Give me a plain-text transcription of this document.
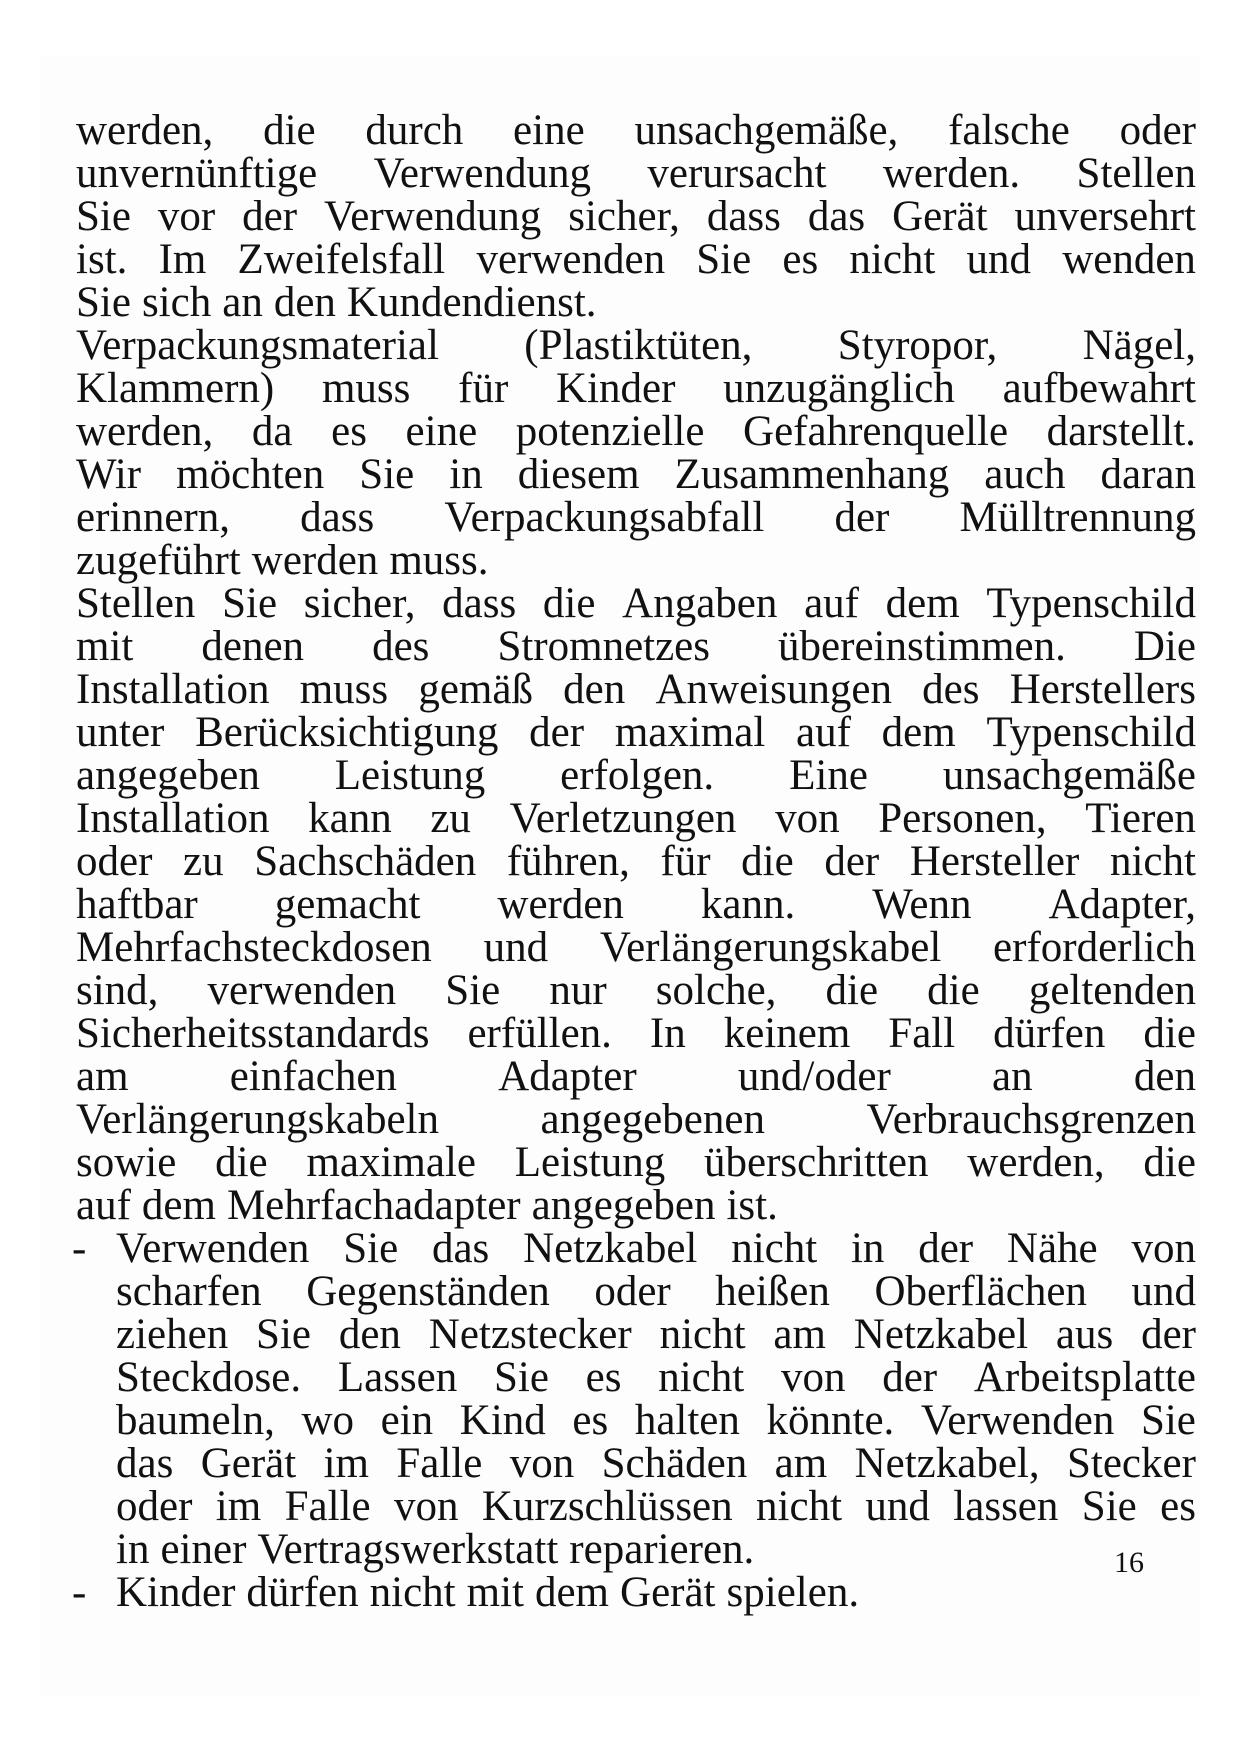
werden, die durch eine unsachgemäße, falsche oder
unvernünftige Verwendung verursacht werden. Stellen
Sie vor der Verwendung sicher, dass das Gerät unversehrt
ist. Im Zweifelsfall verwenden Sie es nicht und wenden
Sie sich an den Kundendienst.
Verpackungsmaterial (Plastiktüten, Styropor, Nägel,
Klammern) muss für Kinder unzugänglich aufbewahrt
werden, da es eine potenzielle Gefahrenquelle darstellt.
Wir möchten Sie in diesem Zusammenhang auch daran
erinnern, dass Verpackungsabfall der Mülltrennung
zugeführt werden muss.
Stellen Sie sicher, dass die Angaben auf dem Typenschild
mit denen des Stromnetzes übereinstimmen. Die
Installation muss gemäß den Anweisungen des Herstellers
unter Berücksichtigung der maximal auf dem Typenschild
angegeben Leistung erfolgen. Eine unsachgemäße
Installation kann zu Verletzungen von Personen, Tieren
oder zu Sachschäden führen, für die der Hersteller nicht
haftbar gemacht werden kann. Wenn Adapter,
Mehrfachsteckdosen und Verlängerungskabel erforderlich
sind, verwenden Sie nur solche, die die geltenden
Sicherheitsstandards erfüllen. In keinem Fall dürfen die
am einfachen Adapter und/oder an den
Verlängerungskabeln angegebenen Verbrauchsgrenzen
sowie die maximale Leistung überschritten werden, die
auf dem Mehrfachadapter angegeben ist.
- Verwenden Sie das Netzkabel nicht in der Nähe von
scharfen Gegenständen oder heißen Oberflächen und
ziehen Sie den Netzstecker nicht am Netzkabel aus der
Steckdose. Lassen Sie es nicht von der Arbeitsplatte
baumeln, wo ein Kind es halten könnte. Verwenden Sie
das Gerät im Falle von Schäden am Netzkabel, Stecker
oder im Falle von Kurzschlüssen nicht und lassen Sie es
in einer Vertragswerkstatt reparieren.
- Kinder dürfen nicht mit dem Gerät spielen.
16
